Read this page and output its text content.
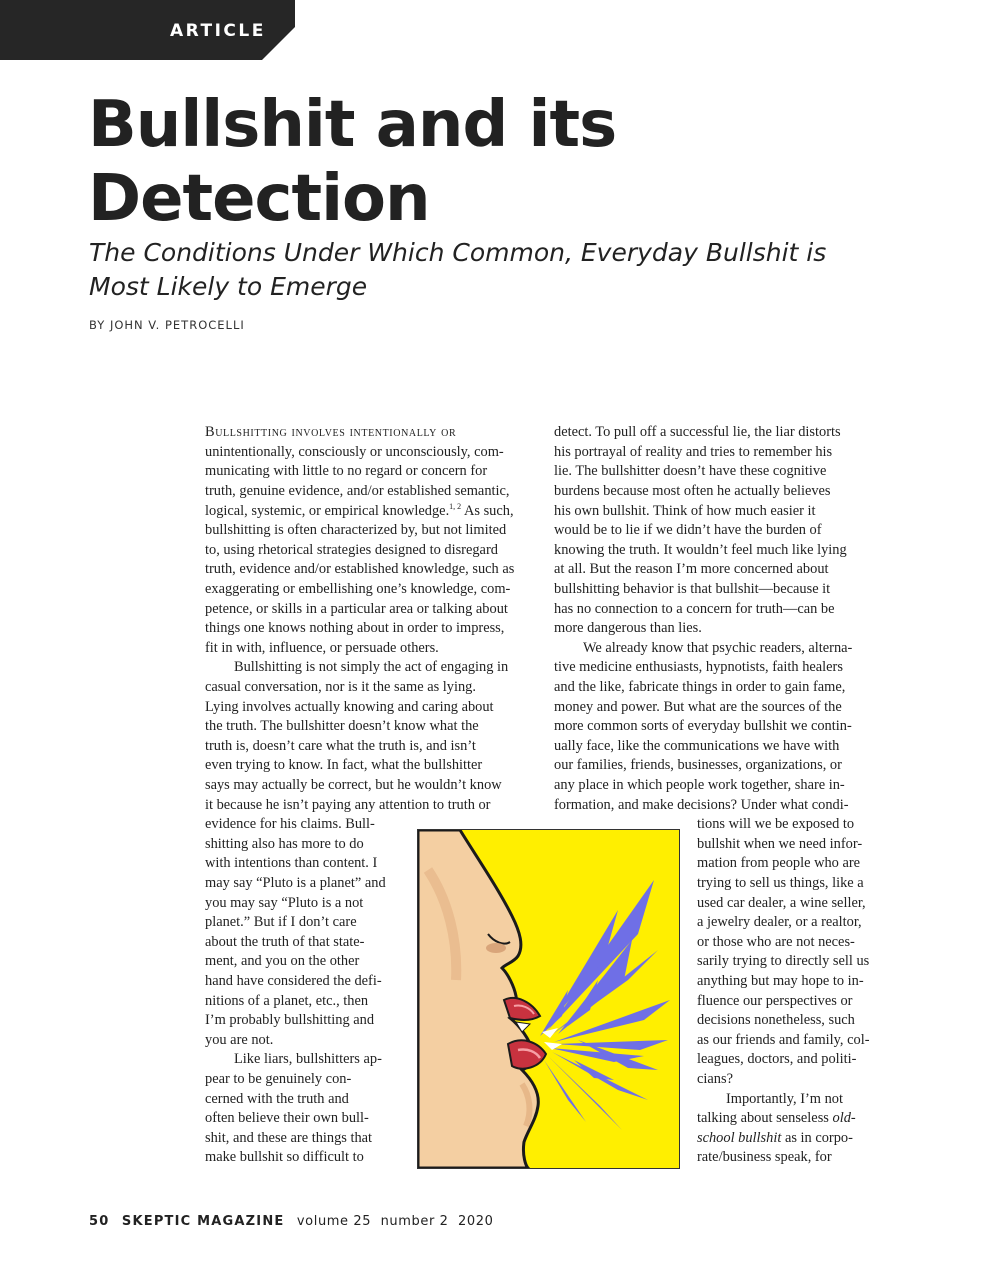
ARTICLE
Bullshit and its Detection
The Conditions Under Which Common, Everyday Bullshit is Most Likely to Emerge
BY JOHN V. PETROCELLI
Bullshitting involves intentionally or
unintentionally, consciously or unconsciously, com-
municating with little to no regard or concern for
truth, genuine evidence, and/or established semantic,
logical, systemic, or empirical knowledge.$^{1, 2}$ As such,
bullshitting is often characterized by, but not limited
to, using rhetorical strategies designed to disregard
truth, evidence and/or established knowledge, such as
exaggerating or embellishing one’s knowledge, com-
petence, or skills in a particular area or talking about
things one knows nothing about in order to impress,
fit in with, influence, or persuade others.
Bullshitting is not simply the act of engaging in
casual conversation, nor is it the same as lying.
Lying involves actually knowing and caring about
the truth. The bullshitter doesn’t know what the
truth is, doesn’t care what the truth is, and isn’t
even trying to know. In fact, what the bullshitter
says may actually be correct, but he wouldn’t know
it because he isn’t paying any attention to truth or
evidence for his claims. Bull-
shitting also has more to do
with intentions than content. I
may say “Pluto is a planet” and
you may say “Pluto is a not
planet.” But if I don’t care
about the truth of that state-
ment, and you on the other
hand have considered the defi-
nitions of a planet, etc., then
I’m probably bullshitting and
you are not.
Like liars, bullshitters ap-
pear to be genuinely con-
cerned with the truth and
often believe their own bull-
shit, and these are things that
make bullshit so difficult to
detect. To pull off a successful lie, the liar distorts
his portrayal of reality and tries to remember his
lie. The bullshitter doesn’t have these cognitive
burdens because most often he actually believes
his own bullshit. Think of how much easier it
would be to lie if we didn’t have the burden of
knowing the truth. It wouldn’t feel much like lying
at all. But the reason I’m more concerned about
bullshitting behavior is that bullshit—because it
has no connection to a concern for truth—can be
more dangerous than lies.
We already know that psychic readers, alterna-
tive medicine enthusiasts, hypnotists, faith healers
and the like, fabricate things in order to gain fame,
money and power. But what are the sources of the
more common sorts of everyday bullshit we contin-
ually face, like the communications we have with
our families, friends, businesses, organizations, or
any place in which people work together, share in-
formation, and make decisions? Under what condi-
tions will we be exposed to
bullshit when we need infor-
mation from people who are
trying to sell us things, like a
used car dealer, a wine seller,
a jewelry dealer, or a realtor,
or those who are not neces-
sarily trying to directly sell us
anything but may hope to in-
fluence our perspectives or
decisions nonetheless, such
as our friends and family, col-
leagues, doctors, and politi-
cians?
Importantly, I’m not
talking about senseless old-
school bullshit as in corpo-
rate/business speak, for
50 SKEPTIC MAGAZINE volume 25  number 2  2020
